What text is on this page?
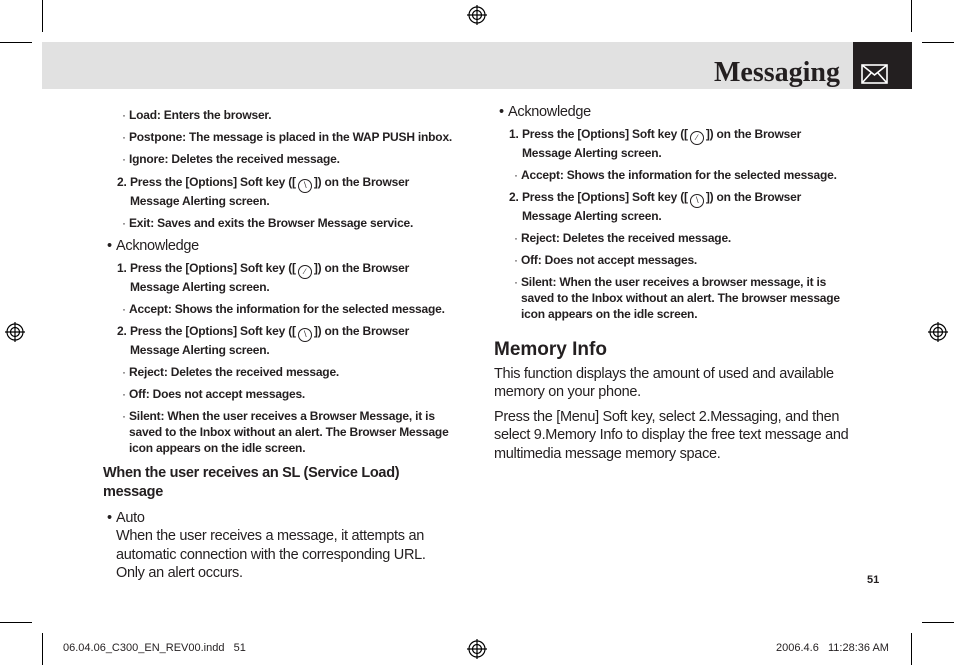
Messaging
· Load: Enters the browser.
· Postpone: The message is placed in the WAP PUSH inbox.
· Ignore: Deletes the received message.
2. Press the [Options] Soft key ([ ∖ ]) on the Browser
Message Alerting screen.
· Exit: Saves and exits the Browser Message service.
• Acknowledge
1. Press the [Options] Soft key ([ ∕ ]) on the Browser
Message Alerting screen.
· Accept: Shows the information for the selected message.
2. Press the [Options] Soft key ([ ∖ ]) on the Browser
Message Alerting screen.
· Reject: Deletes the received message.
· Off: Does not accept messages.
· Silent: When the user receives a Browser Message, it is
saved to the Inbox without an alert. The Browser Message
icon appears on the idle screen.
When the user receives an SL (Service Load)
message
• Auto
When the user receives a message, it attempts an
automatic connection with the corresponding URL.
Only an alert occurs.
• Acknowledge
1. Press the [Options] Soft key ([ ∕ ]) on the Browser
Message Alerting screen.
· Accept: Shows the information for the selected message.
2. Press the [Options] Soft key ([ ∖ ]) on the Browser
Message Alerting screen.
· Reject: Deletes the received message.
· Off: Does not accept messages.
· Silent: When the user receives a browser message, it is
saved to the Inbox without an alert. The browser message
icon appears on the idle screen.
Memory Info
This function displays the amount of used and available
memory on your phone.
Press the [Menu] Soft key, select 2.Messaging, and then
select 9.Memory Info to display the free text message and
multimedia message memory space.
51
06.04.06_C300_EN_REV00.indd   51	2006.4.6   11:28:36 AM
